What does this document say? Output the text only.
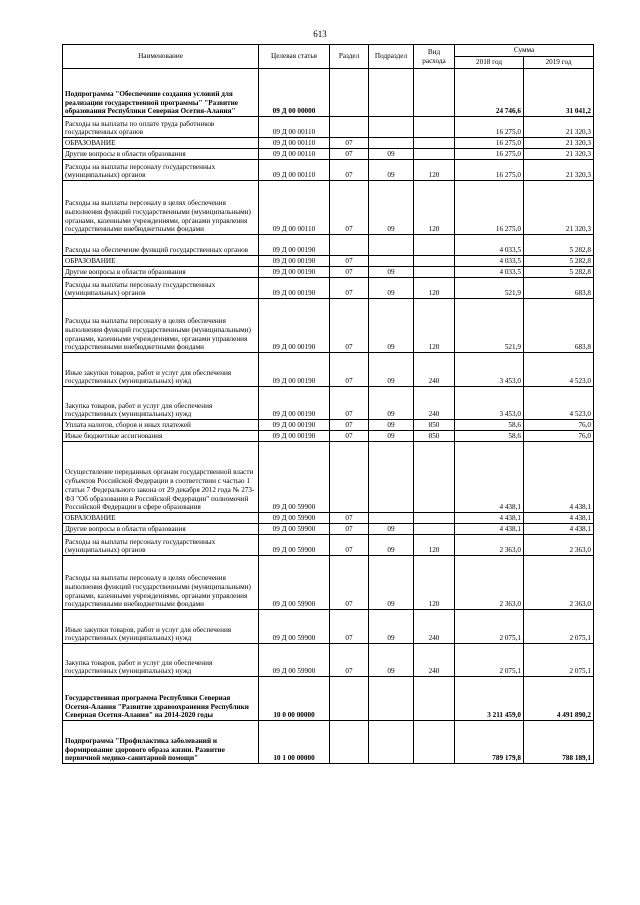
613
Наименование	Целевая статья	Раздел	Подраздел	Вид расхода	Сумма	
					2018 год	2019 год
Подпрограмма "Обеспечение создания условий для реализации государственной программы" "Развитие образования Республики Северная Осетия-Алания"	09 Д 00 00000				24 746,6	31 041,2
Расходы на выплаты по оплате труда работников государственных органов	09 Д 00 00110				16 275,0	21 320,3
ОБРАЗОВАНИЕ	09 Д 00 00110	07			16 275,0	21 320,3
Другие вопросы в области образования	09 Д 00 00110	07	09		16 275,0	21 320,3
Расходы на выплаты персоналу государственных (муниципальных) органов	09 Д 00 00110	07	09	120	16 275,0	21 320,3
Расходы на выплаты персоналу в целях обеспечения выполнения функций государственными (муниципальными) органами, казенными учреждениями, органами управления государственными внебюджетными фондами	09 Д 00 00110	07	09	120	16 275,0	21 320,3
Расходы на обеспечение функций государственных органов	09 Д 00 00190				4 033,5	5 282,8
ОБРАЗОВАНИЕ	09 Д 00 00190	07			4 033,5	5 282,8
Другие вопросы в области образования	09 Д 00 00190	07	09		4 033,5	5 282,8
Расходы на выплаты персоналу государственных (муниципальных) органов	09 Д 00 00190	07	09	120	521,9	683,8
Расходы на выплаты персоналу в целях обеспечения выполнения функций государственными (муниципальными) органами, казенными учреждениями, органами управления государственными внебюджетными фондами	09 Д 00 00190	07	09	120	521,9	683,8
Иные закупки товаров, работ и услуг для обеспечения государственных (муниципальных) нужд	09 Д 00 00190	07	09	240	3 453,0	4 523,0
Закупка товаров, работ и услуг для обеспечения государственных (муниципальных) нужд	09 Д 00 00190	07	09	240	3 453,0	4 523,0
Уплата налогов, сборов и иных платежей	09 Д 00 00190	07	09	850	58,6	76,0
Иные бюджетные ассигнования	09 Д 00 00190	07	09	850	58,6	76,0
Осуществление переданных органам государственной власти субъектов Российской Федерации в соответствии с частью 1 статьи 7 Федерального закона от 29 декабря 2012 года № 273-ФЗ "Об образовании в Российской Федерации" полномочий Российской Федерации в сфере образования	09 Д 00 59900				4 438,1	4 438,1
ОБРАЗОВАНИЕ	09 Д 00 59900	07			4 438,1	4 438,1
Другие вопросы в области образования	09 Д 00 59900	07	09		4 438,1	4 438,1
Расходы на выплаты персоналу государственных (муниципальных) органов	09 Д 00 59900	07	09	120	2 363,0	2 363,0
Расходы на выплаты персоналу в целях обеспечения выполнения функций государственными (муниципальными) органами, казенными учреждениями, органами управления государственными внебюджетными фондами	09 Д 00 59900	07	09	120	2 363,0	2 363,0
Иные закупки товаров, работ и услуг для обеспечения государственных (муниципальных) нужд	09 Д 00 59900	07	09	240	2 075,1	2 075,1
Закупка товаров, работ и услуг для обеспечения государственных (муниципальных) нужд	09 Д 00 59900	07	09	240	2 075,1	2 075,1
Государственная программа Республики Северная Осетия-Алания "Развитие здравоохранения Республики Северная Осетия-Алания" на 2014-2020 годы	10 0 00 00000				3 211 459,0	4 491 890,2
Подпрограмма "Профилактика заболеваний и формирование здорового образа жизни. Развитие первичной медико-санитарной помощи"	10 1 00 00000				789 179,8	788 189,1
